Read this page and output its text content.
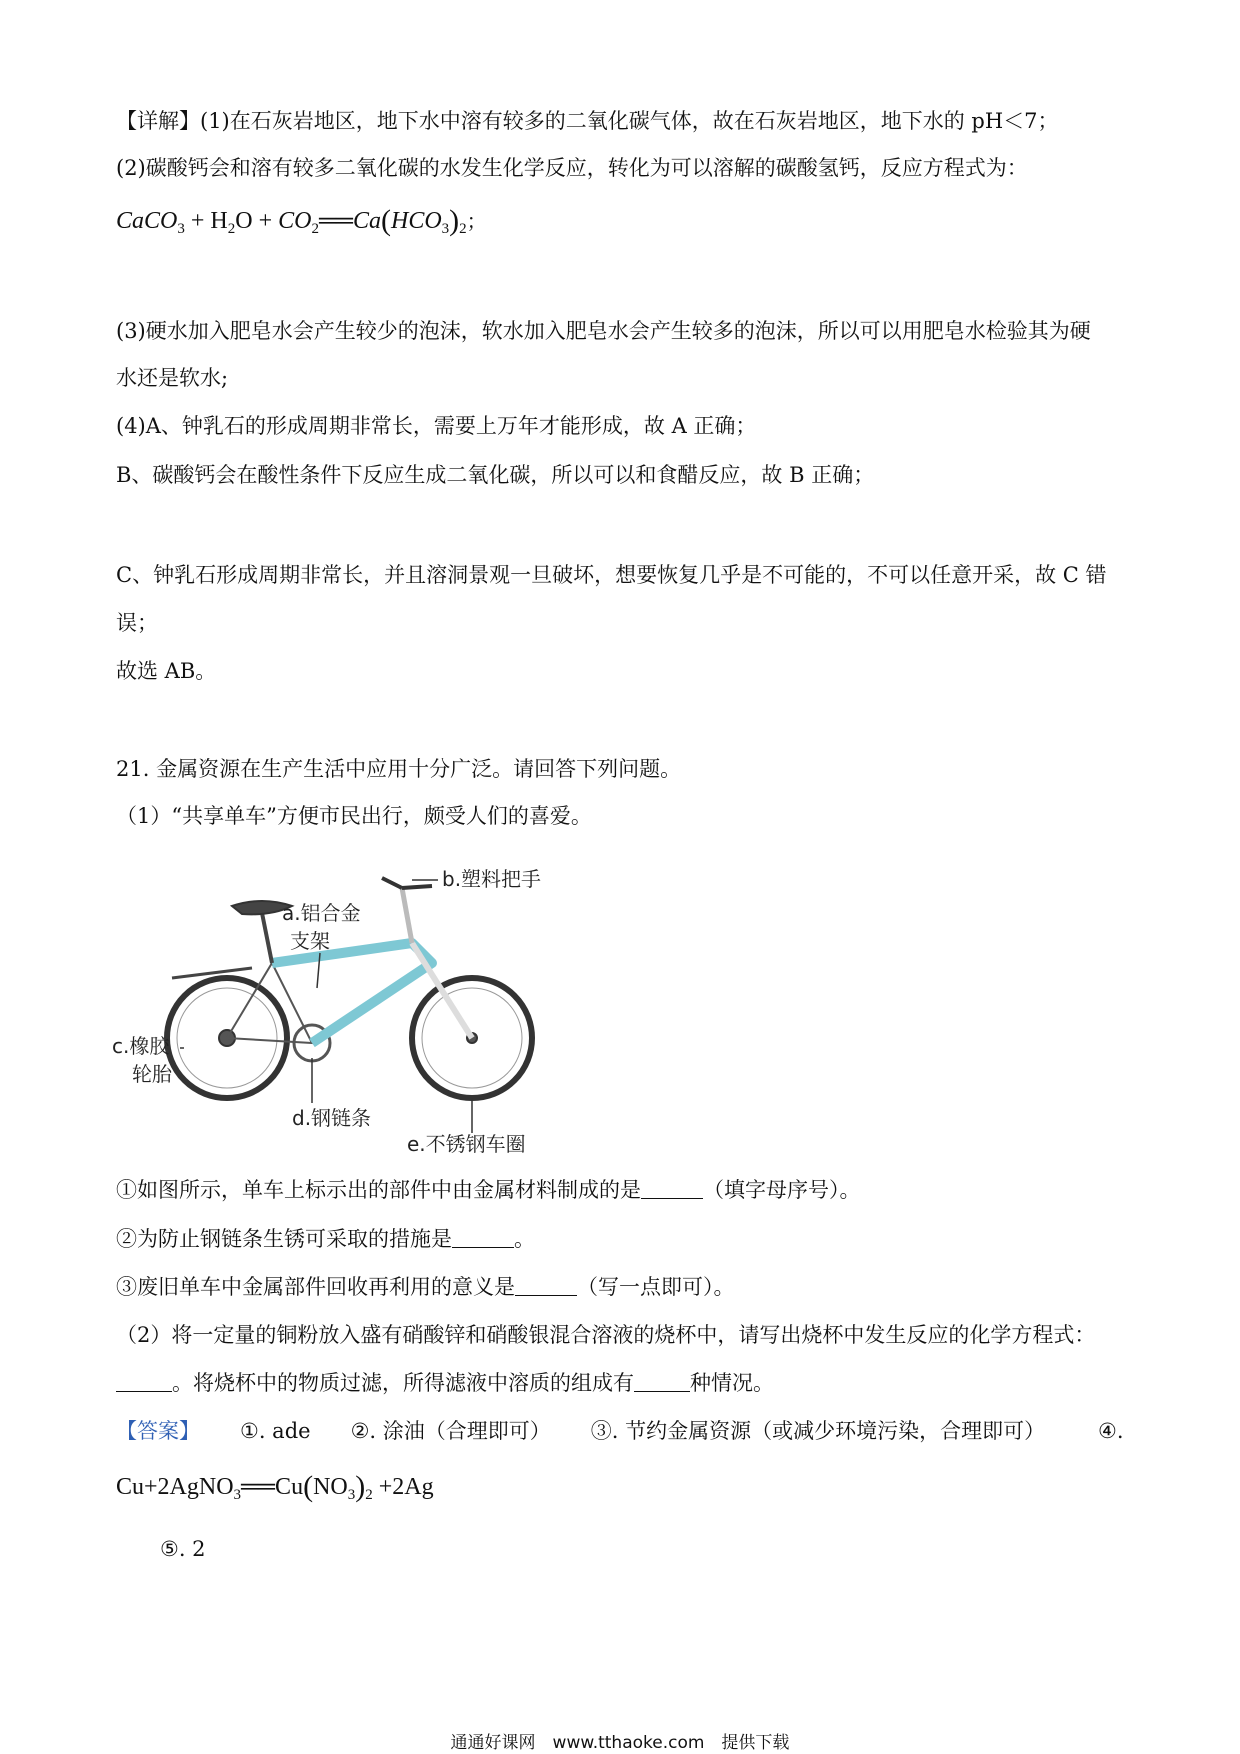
【详解】(1)在石灰岩地区，地下水中溶有较多的二氧化碳气体，故在石灰岩地区，地下水的 pH＜7；
(2)碳酸钙会和溶有较多二氧化碳的水发生化学反应，转化为可以溶解的碳酸氢钙，反应方程式为：
CaCO$_3$ + $H_2O$ + $CO_2══Ca(HCO_3)_2$；
(3)硬水加入肥皂水会产生较少的泡沫，软水加入肥皂水会产生较多的泡沫，所以可以用肥皂水检验其为硬
水还是软水;
(4)A、钟乳石的形成周期非常长，需要上万年才能形成，故 A 正确；
B、碳酸钙会在酸性条件下反应生成二氧化碳，所以可以和食醋反应，故 B 正确；
C、钟乳石形成周期非常长，并且溶洞景观一旦破坏，想要恢复几乎是不可能的，不可以任意开采，故 C 错
误；
故选 AB。
21. 金属资源在生产生活中应用十分广泛。请回答下列问题。
（1）“共享单车”方便市民出行，颇受人们的喜爱。
a.铝合金
支架
b.塑料把手
c.橡胶
轮胎
d.钢链条
e.不锈钢车圈
①如图所示，单车上标示出的部件中由金属材料制成的是	（填字母序号）。
②为防止钢链条生锈可采取的措施是	。
③废旧单车中金属部件回收再利用的意义是	（写一点即可）。
（2）将一定量的铜粉放入盛有硝酸锌和硝酸银混合溶液的烧杯中，请写出烧杯中发生反应的化学方程式：
。将烧杯中的物质过滤，所得滤液中溶质的组成有	种情况。
【答案】 ①. ade ②. 涂油（合理即可） ③. 节约金属资源（或减少环境污染，合理即可）	④.
$Cu+2AgNO_3══Cu(NO_3)_2 +2Ag$
⑤. 2
通通好课网　www.tthaoke.com　提供下载
